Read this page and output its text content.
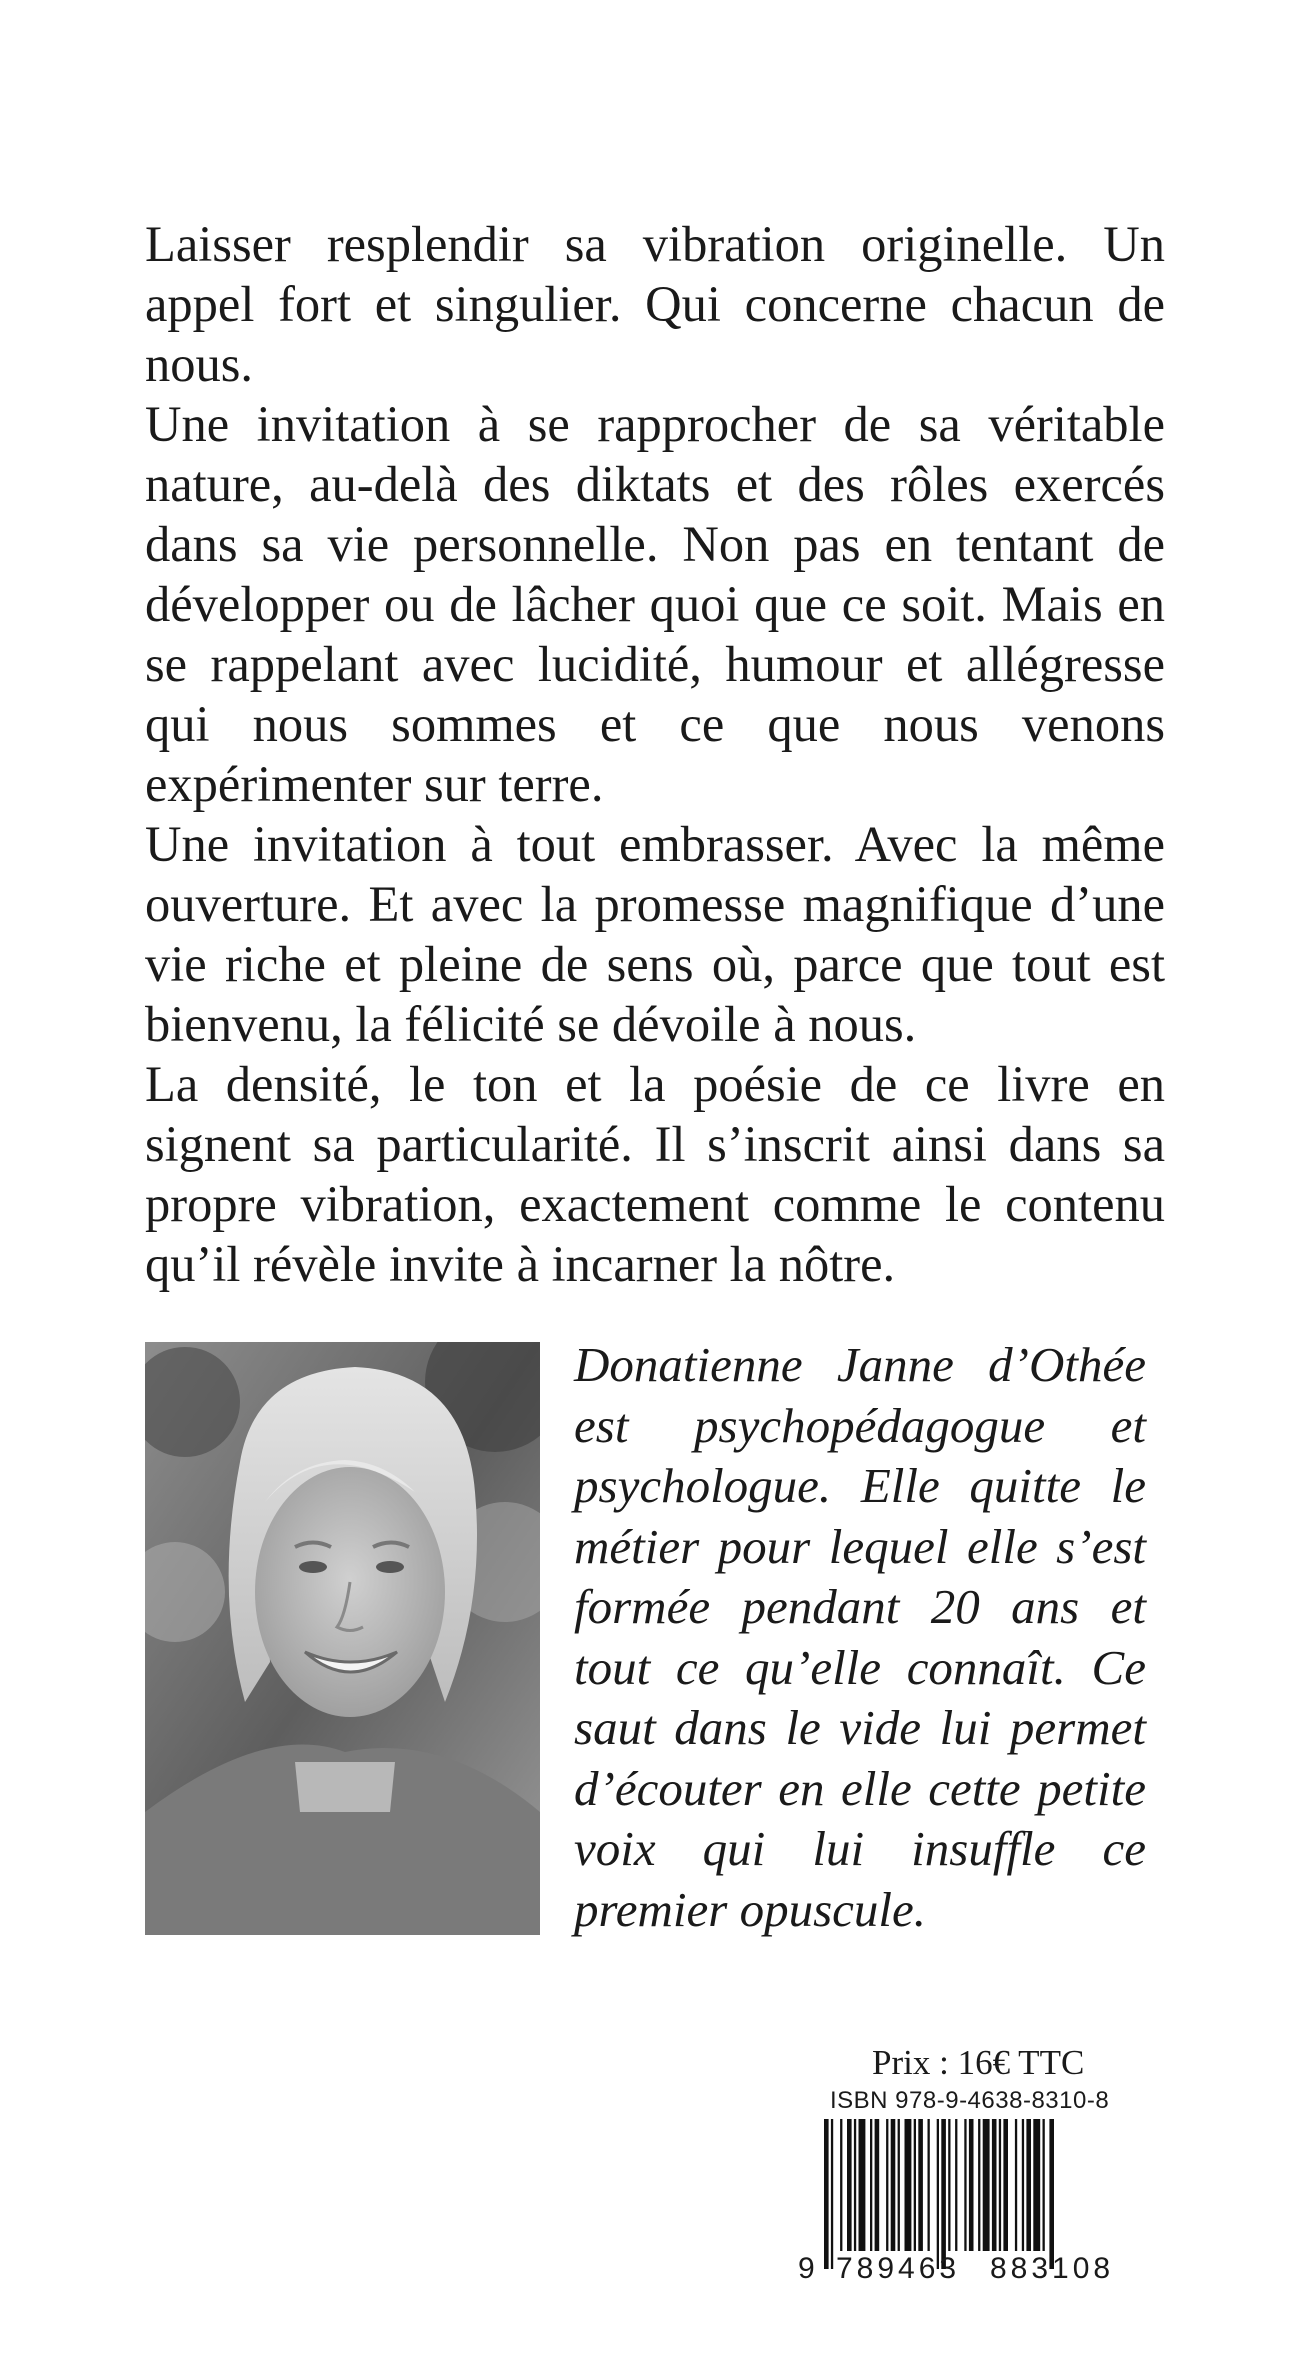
Laisser resplendir sa vibration originelle. Un appel fort et singulier. Qui concerne chacun de nous.

Une invitation à se rapprocher de sa véritable nature, au-delà des diktats et des rôles exercés dans sa vie personnelle. Non pas en tentant de développer ou de lâcher quoi que ce soit. Mais en se rappelant avec lucidité, humour et allégresse qui nous sommes et ce que nous venons expérimenter sur terre.

Une invitation à tout embrasser. Avec la même ouverture. Et avec la promesse magnifique d’une vie riche et pleine de sens où, parce que tout est bienvenu, la félicité se dévoile à nous.

La densité, le ton et la poésie de ce livre en signent sa particularité. Il s’inscrit ainsi dans sa propre vibration, exactement comme le contenu qu’il révèle invite à incarner la nôtre.

Donatienne Janne d’Othée est psychopédagogue et psychologue. Elle quitte le métier pour lequel elle s’est formée pendant 20 ans et tout ce qu’elle connaît. Ce saut dans le vide lui permet d’écouter en elle cette petite voix qui lui insuffle ce premier opuscule.
Prix : 16€ TTC
ISBN 978-9-4638-8310-8
9 789463 883108
